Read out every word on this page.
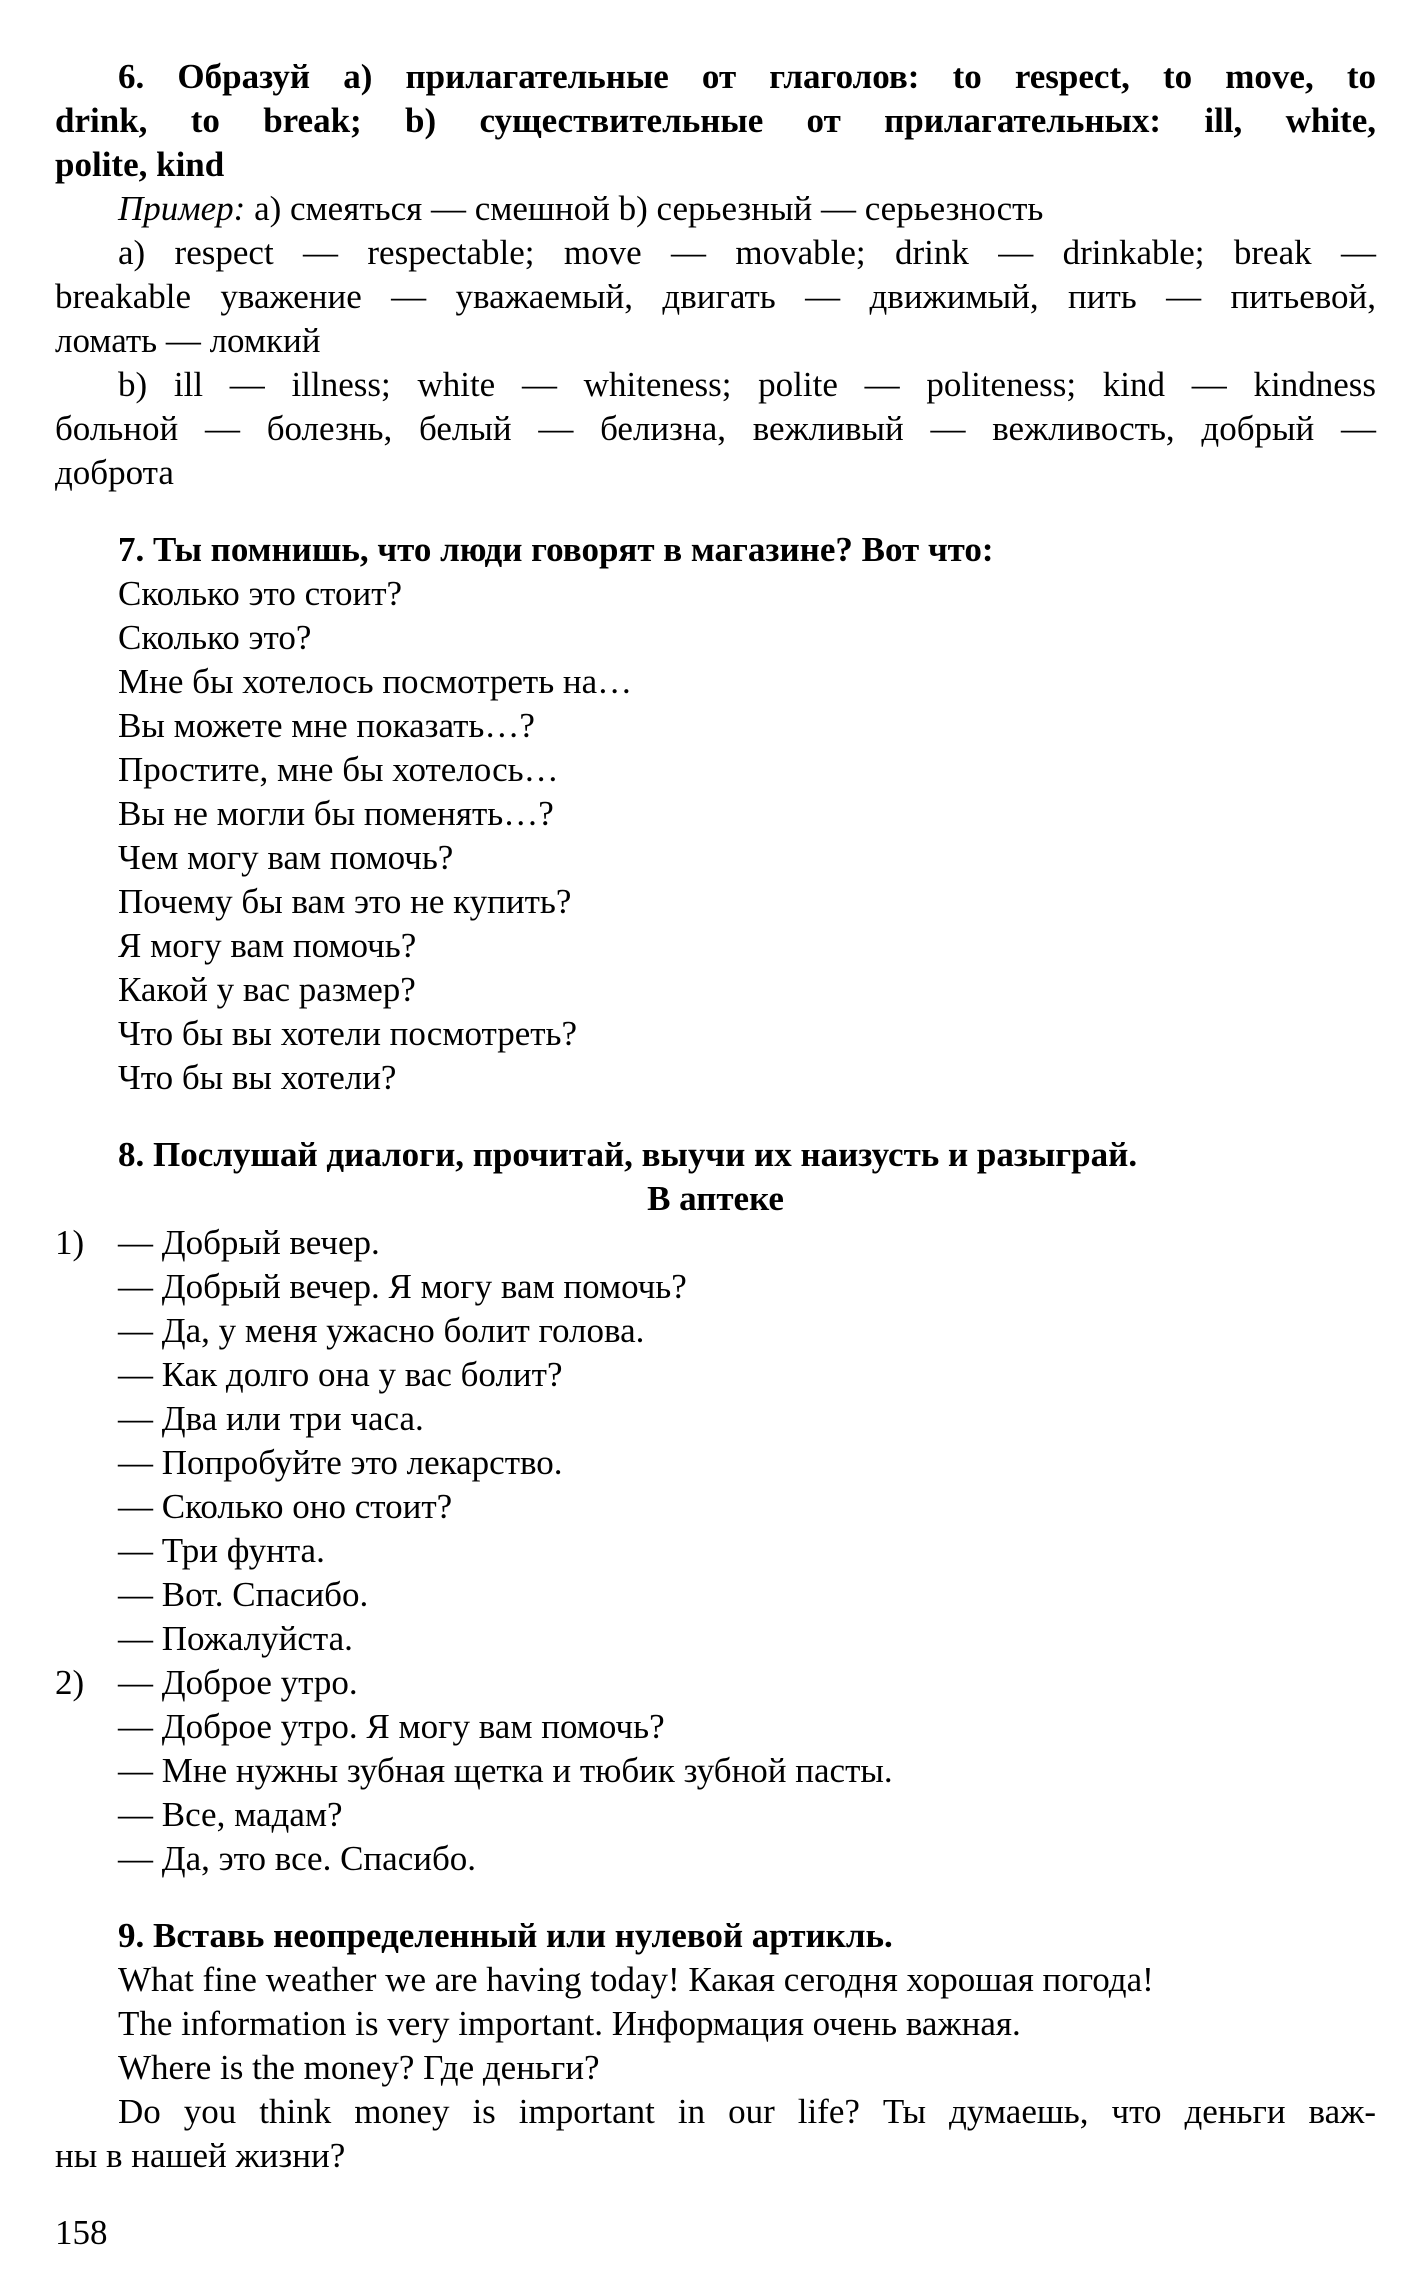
6. Образуй a) прилагательные от глаголов: to respect, to move, to
drink, to break; b) существительные от прилагательных: ill, white,
polite, kind
Пример: a) смеяться — смешной b) серьезный — серьезность
a) respect — respectable; move — movable; drink — drinkable; break —
breakable уважение — уважаемый, двигать — движимый, пить — питьевой,
ломать — ломкий
b) ill — illness; white — whiteness; polite — politeness; kind — kindness
больной — болезнь, белый — белизна, вежливый — вежливость, добрый —
доброта
7. Ты помнишь, что люди говорят в магазине? Вот что:
Сколько это стоит?
Сколько это?
Мне бы хотелось посмотреть на…
Вы можете мне показать…?
Простите, мне бы хотелось…
Вы не могли бы поменять…?
Чем могу вам помочь?
Почему бы вам это не купить?
Я могу вам помочь?
Какой у вас размер?
Что бы вы хотели посмотреть?
Что бы вы хотели?
8. Послушай диалоги, прочитай, выучи их наизусть и разыграй.
В аптеке
1) — Добрый вечер.
— Добрый вечер. Я могу вам помочь?
— Да, у меня ужасно болит голова.
— Как долго она у вас болит?
— Два или три часа.
— Попробуйте это лекарство.
— Сколько оно стоит?
— Три фунта.
— Вот. Спасибо.
— Пожалуйста.
2) — Доброе утро.
— Доброе утро. Я могу вам помочь?
— Мне нужны зубная щетка и тюбик зубной пасты.
— Все, мадам?
— Да, это все. Спасибо.
9. Вставь неопределенный или нулевой артикль.
What fine weather we are having today! Какая сегодня хорошая погода!
The information is very important. Информация очень важная.
Where is the money? Где деньги?
Do you think money is important in our life? Ты думаешь, что деньги важ-
ны в нашей жизни?
158
